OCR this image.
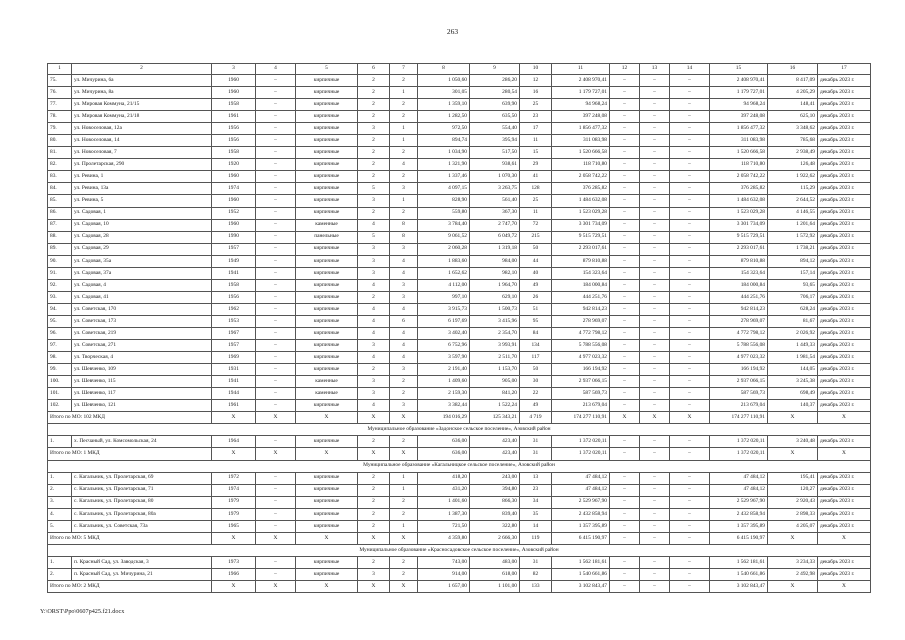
263
1	2	3	4	5	6	7	8	9	10	11	12	13	14	15	16	17
75.	ул. Мичурина, 6а	1960	–	кирпичные	2	2	1 050,60	286,20	12	2 408 970,41	–	–	–	2 408 970,41	8 417,09	декабрь 2023 г.
76.	ул. Мичурина, 8а	1960	–	кирпичные	2	1	301,05	280,54	16	1 179 727,01	–	–	–	1 179 727,01	4 205,29	декабрь 2023 г.
77.	ул. Мировая Коммуна, 21/15	1958	–	кирпичные	2	2	1 359,10	639,90	25	94 968,24	–	–	–	94 968,24	148,41	декабрь 2023 г.
78.	ул. Мировая Коммуна, 21/18	1961	–	кирпичные	2	2	1 282,50	635,50	23	397 248,08	–	–	–	397 248,08	625,10	декабрь 2023 г.
79.	ул. Новоселовая, 12а	1956	–	кирпичные	3	1	972,50	554,40	17	1 856 477,32	–	–	–	1 856 477,32	3 348,62	декабрь 2023 г.
80.	ул. Новоселовая, 14	1956	–	кирпичные	2	1	894,74	395,94	11	311 083,98	–	–	–	311 083,98	785,68	декабрь 2023 г.
81.	ул. Новоселовая, 7	1958	–	кирпичные	2	2	1 034,90	517,50	15	1 520 666,58	–	–	–	1 520 666,58	2 938,49	декабрь 2023 г.
82.	ул. Пролетарская, 290	1920	–	кирпичные	2	4	1 321,90	938,61	29	118 710,80	–	–	–	118 710,80	126,48	декабрь 2023 г.
83.	ул. Ревина, 1	1960	–	кирпичные	2	2	1 337,46	1 070,30	41	2 058 742,22	–	–	–	2 058 742,22	1 922,62	декабрь 2023 г.
84.	ул. Ревина, 13а	1974	–	кирпичные	5	3	4 097,15	3 263,75	128	376 285,82	–	–	–	376 285,82	115,29	декабрь 2023 г.
85.	ул. Ревина, 5	1960	–	кирпичные	3	1	828,90	561,40	25	1 484 632,08	–	–	–	1 484 632,08	2 644,52	декабрь 2023 г.
86.	ул. Садовая, 1	1952	–	кирпичные	2	2	559,80	367,30	11	1 523 029,28	–	–	–	1 523 029,28	4 146,55	декабрь 2023 г.
87.	ул. Садовая, 10	1960	–	каменные	4	8	3 784,40	2 747,70	72	3 301 734,09	–	–	–	3 301 734,09	1 201,64	декабрь 2023 г.
88.	ул. Садовая, 28	1990	–	панельные	5	8	9 061,52	6 049,72	215	9 515 729,51	–	–	–	9 515 729,51	1 572,92	декабрь 2023 г.
89.	ул. Садовая, 29	1957	–	кирпичные	3	3	2 060,28	1 319,18	50	2 293 017,61	–	–	–	2 293 017,61	1 738,21	декабрь 2023 г.
90.	ул. Садовая, 35а	1949	–	кирпичные	3	4	1 883,60	984,00	44	879 810,88	–	–	–	879 810,88	894,12	декабрь 2023 г.
91.	ул. Садовая, 37а	1941	–	кирпичные	3	4	1 652,62	982,10	40	154 323,64	–	–	–	154 323,64	157,14	декабрь 2023 г.
92.	ул. Садовая, 4	1958	–	кирпичные	4	3	4 112,00	1 964,70	49	184 000,84	–	–	–	184 000,84	93,65	декабрь 2023 г.
93.	ул. Садовая, 41	1956	–	кирпичные	2	3	997,10	629,10	26	444 251,76	–	–	–	444 251,76	706,17	декабрь 2023 г.
94.	ул. Советская, 170	1962	–	кирпичные	4	4	3 915,73	1 500,73	51	942 814,23	–	–	–	942 814,23	628,24	декабрь 2023 г.
95.	ул. Советская, 173	1953	–	кирпичные	4	6	6 197,69	3 415,96	95	278 969,07	–	–	–	278 969,07	81,67	декабрь 2023 г.
96.	ул. Советская, 219	1967	–	кирпичные	4	4	3 402,40	2 354,70	84	4 772 798,12	–	–	–	4 772 798,12	2 026,92	декабрь 2023 г.
97.	ул. Советская, 271	1957	–	кирпичные	3	4	6 752,96	3 993,91	134	5 788 556,08	–	–	–	5 788 556,08	1 449,33	декабрь 2023 г.
98.	ул. Творческая, 4	1969	–	кирпичные	4	4	3 597,90	2 511,70	117	4 977 023,32	–	–	–	4 977 023,32	1 981,54	декабрь 2023 г.
99.	ул. Шевченко, 109	1931	–	кирпичные	2	3	2 191,40	1 153,70	50	166 194,92	–	–	–	166 194,92	144,05	декабрь 2023 г.
100.	ул. Шевченко, 115	1941	–	каменные	3	2	1 409,60	905,00	30	2 937 066,15	–	–	–	2 937 066,15	3 245,38	декабрь 2023 г.
101.	ул. Шевченко, 117	1944	–	каменные	3	2	2 159,30	841,20	22	587 569,73	–	–	–	587 569,73	698,49	декабрь 2023 г.
102.	ул. Шевченко, 121	1961	–	кирпичные	4	3	3 382,44	1 522,24	49	213 679,04	–	–	–	213 679,04	140,37	декабрь 2023 г.
Итого по МО: 102 МКД		X	X	X	X	X	194 016,29	125 343,21	4 719	174 277 110,91	X	X	X	174 277 110,91	X	X
Муниципальное образование «Задонское сельское поселение», Азовский район																
1.	х. Песчаный, ул. Комсомольская, 24	1964	–	кирпичные	2	2	636,00	423,40	31	1 372 020,11	–	–	–	1 372 020,11	3 240,48	декабрь 2023 г.
Итого по МО: 1 МКД		X	X	X	X	X	636,00	423,40	31	1 372 020,11	–	–	–	1 372 020,11	X	X
Муниципальное образование «Кагальницкое сельское поселение», Азовский район																
1.	с. Кагальник, ул. Пролетарская, 69	1972	–	кирпичные	2	1	418,20	243,00	13	47 484,12	–	–	–	47 484,12	195,41	декабрь 2023 г.
2.	с. Кагальник, ул. Пролетарская, 71	1974	–	кирпичные	2	1	431,20	394,80	23	47 484,12	–	–	–	47 484,12	120,27	декабрь 2023 г.
3.	с. Кагальник, ул. Пролетарская, 80	1979	–	кирпичные	2	2	1 401,60	866,30	34	2 529 967,90	–	–	–	2 529 967,90	2 920,43	декабрь 2023 г.
4.	с. Кагальник, ул. Пролетарская, 80а	1979	–	кирпичные	2	2	1 387,30	839,40	35	2 432 858,94	–	–	–	2 432 858,94	2 898,33	декабрь 2023 г.
5.	с. Кагальник, ул. Советская, 73а	1965	–	кирпичные	2	1	721,50	322,80	14	1 357 395,89	–	–	–	1 357 395,89	4 205,07	декабрь 2023 г.
Итого по МО: 5 МКД		X	X	X	X	X	4 359,80	2 666,30	119	6 415 190,97	–	–	–	6 415 190,97	X	X
Муниципальное образование «Красносадовское сельское поселение», Азовский район																
1.	п. Красный Сад, ул. Заводская, 3	1973	–	кирпичные	2	2	743,00	483,00	31	1 562 181,61	–	–	–	1 562 181,61	3 234,33	декабрь 2023 г.
2.	п. Красный Сад, ул. Мичурина, 21	1966	–	кирпичные	3	2	914,00	618,00	82	1 540 661,86	–	–	–	1 540 661,86	2 492,98	декабрь 2023 г.
Итого по МО: 2 МКД		X	X	X	X	X	1 657,00	1 101,00	133	3 102 843,47	–	–	–	3 102 843,47	X	X
Y:\ORST\Ppo\0607p425.f21.docx
